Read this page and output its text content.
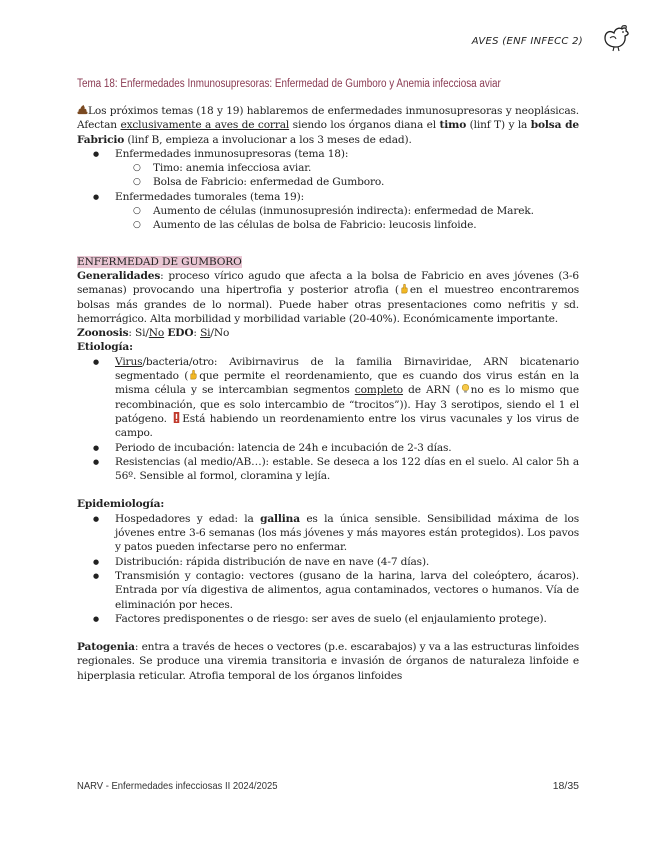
AVES (ENF INFECC 2)
Tema 18: Enfermedades Inmunosupresoras: Enfermedad de Gumboro y Anemia infecciosa aviar

Los próximos temas (18 y 19) hablaremos de enfermedades inmunosupresoras y neoplásicas. Afectan exclusivamente a aves de corral siendo los órganos diana el timo (linf T) y la bolsa de Fabricio (linf B, empieza a involucionar a los 3 meses de edad).

● Enfermedades inmunosupresoras (tema 18):
○ Timo: anemia infecciosa aviar.
○ Bolsa de Fabricio: enfermedad de Gumboro.
● Enfermedades tumorales (tema 19):
○ Aumento de células (inmunosupresión indirecta): enfermedad de Marek.
○ Aumento de las células de bolsa de Fabricio: leucosis linfoide.

ENFERMEDAD DE GUMBORO

Generalidades: proceso vírico agudo que afecta a la bolsa de Fabricio en aves jóvenes (3-6 semanas) provocando una hipertrofia y posterior atrofia ( en el muestreo encontraremos bolsas más grandes de lo normal). Puede haber otras presentaciones como nefritis y sd. hemorrágico. Alta morbilidad y morbilidad variable (20-40%). Económicamente importante.

Zoonosis: Si/No EDO: Si/No

Etiología:

● Virus/bacteria/otro: Avibirnavirus de la familia Birnaviridae, ARN bicatenario segmentado ( que permite el reordenamiento, que es cuando dos virus están en la misma célula y se intercambian segmentos completo de ARN ( no es lo mismo que recombinación, que es solo intercambio de “trocitos”)). Hay 3 serotipos, siendo el 1 el patógeno. Está habiendo un reordenamiento entre los virus vacunales y los virus de campo.
● Periodo de incubación: latencia de 24h e incubación de 2-3 días.
● Resistencias (al medio/AB…): estable. Se deseca a los 122 días en el suelo. Al calor 5h a 56º. Sensible al formol, cloramina y lejía.

Epidemiología:

● Hospedadores y edad: la gallina es la única sensible. Sensibilidad máxima de los jóvenes entre 3-6 semanas (los más jóvenes y más mayores están protegidos). Los pavos y patos pueden infectarse pero no enfermar.
● Distribución: rápida distribución de nave en nave (4-7 días).
● Transmisión y contagio: vectores (gusano de la harina, larva del coleóptero, ácaros). Entrada por vía digestiva de alimentos, agua contaminados, vectores o humanos. Vía de eliminación por heces.
● Factores predisponentes o de riesgo: ser aves de suelo (el enjaulamiento protege).

Patogenia: entra a través de heces o vectores (p.e. escarabajos) y va a las estructuras linfoides regionales. Se produce una viremia transitoria e invasión de órganos de naturaleza linfoide e hiperplasia reticular. Atrofia temporal de los órganos linfoides

NARV - Enfermedades infecciosas II 2024/2025	18/35
